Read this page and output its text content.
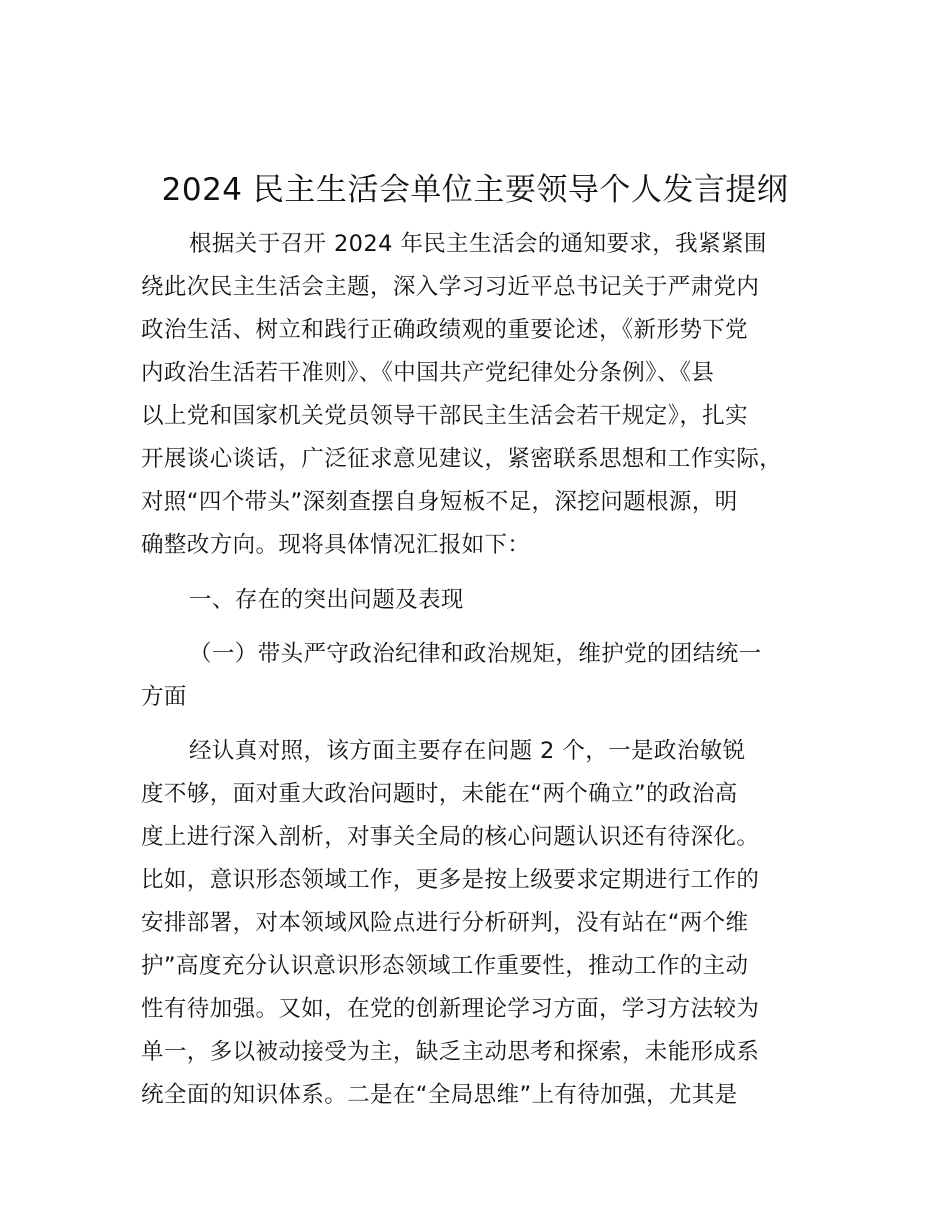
2024 民主生活会单位主要领导个人发言提纲
根据关于召开 2024 年民主生活会的通知要求，我紧紧围
绕此次民主生活会主题，深入学习习近平总书记关于严肃党内
政治生活、树立和践行正确政绩观的重要论述，《新形势下党
内政治生活若干准则》、《中国共产党纪律处分条例》、《县
以上党和国家机关党员领导干部民主生活会若干规定》，扎实
开展谈心谈话，广泛征求意见建议，紧密联系思想和工作实际，
对照“四个带头”深刻查摆自身短板不足，深挖问题根源，明
确整改方向。现将具体情况汇报如下：
一、存在的突出问题及表现
（一）带头严守政治纪律和政治规矩，维护党的团结统一
方面
经认真对照，该方面主要存在问题 2 个，一是政治敏锐
度不够，面对重大政治问题时，未能在“两个确立”的政治高
度上进行深入剖析，对事关全局的核心问题认识还有待深化。
比如，意识形态领域工作，更多是按上级要求定期进行工作的
安排部署，对本领域风险点进行分析研判，没有站在“两个维
护”高度充分认识意识形态领域工作重要性，推动工作的主动
性有待加强。又如，在党的创新理论学习方面，学习方法较为
单一，多以被动接受为主，缺乏主动思考和探索，未能形成系
统全面的知识体系。二是在“全局思维”上有待加强，尤其是
